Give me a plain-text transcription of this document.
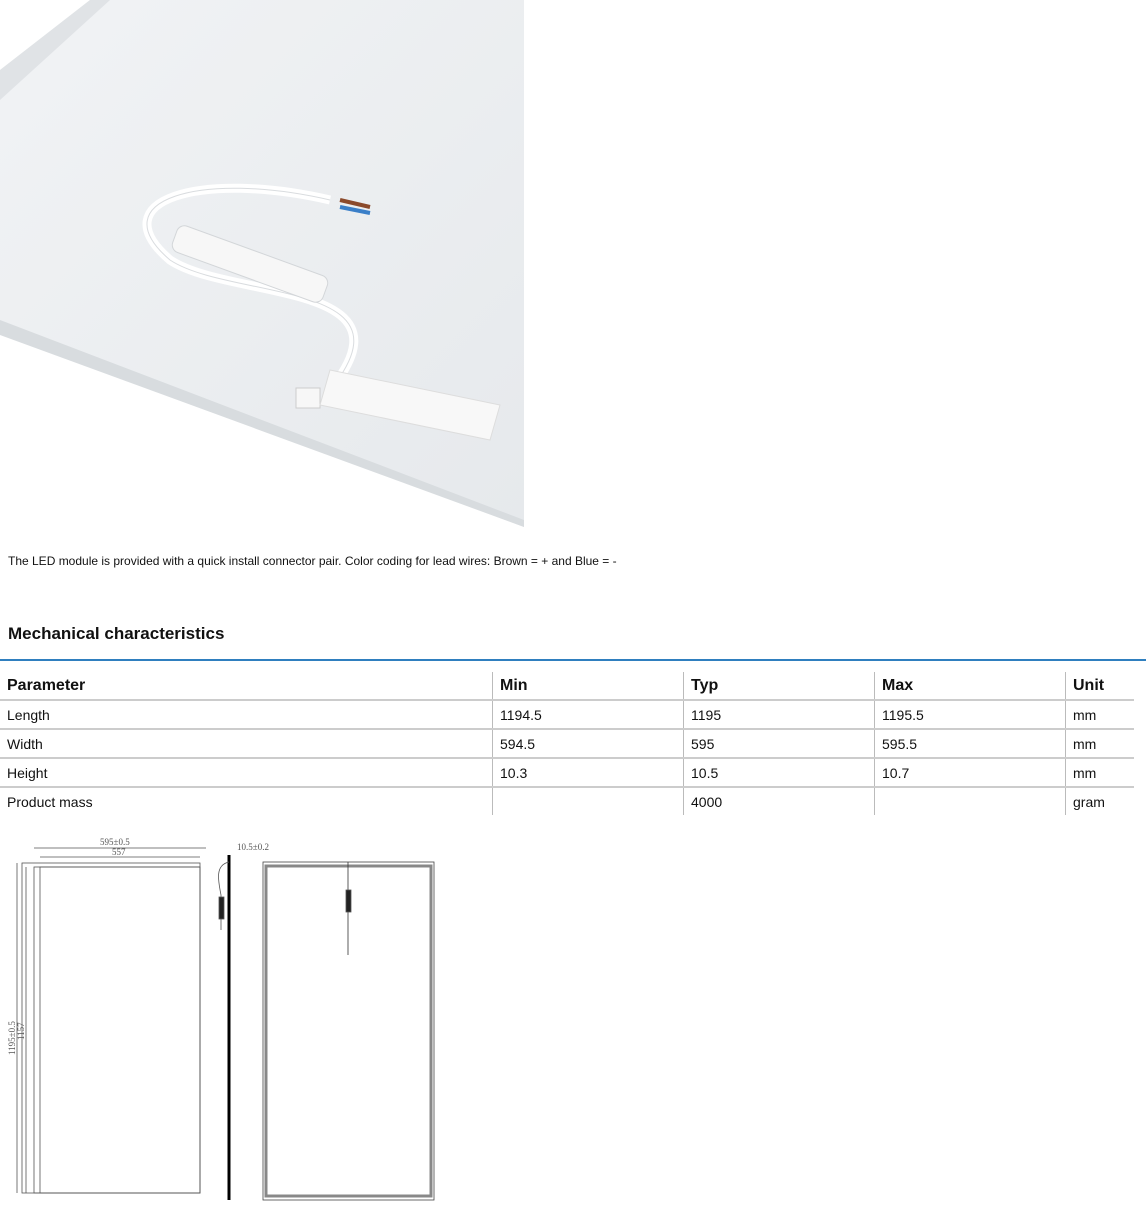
The LED module is provided with a quick install connector pair. Color coding for lead wires: Brown = + and Blue = -
Mechanical characteristics
Parameter	Min	Typ	Max	Unit
Length	1194.5	1195	1195.5	mm
Width	594.5	595	595.5	mm
Height	10.3	10.5	10.7	mm
Product mass		4000		gram
595±0.5
557
1195±0.5 1157
10.5±0.2
